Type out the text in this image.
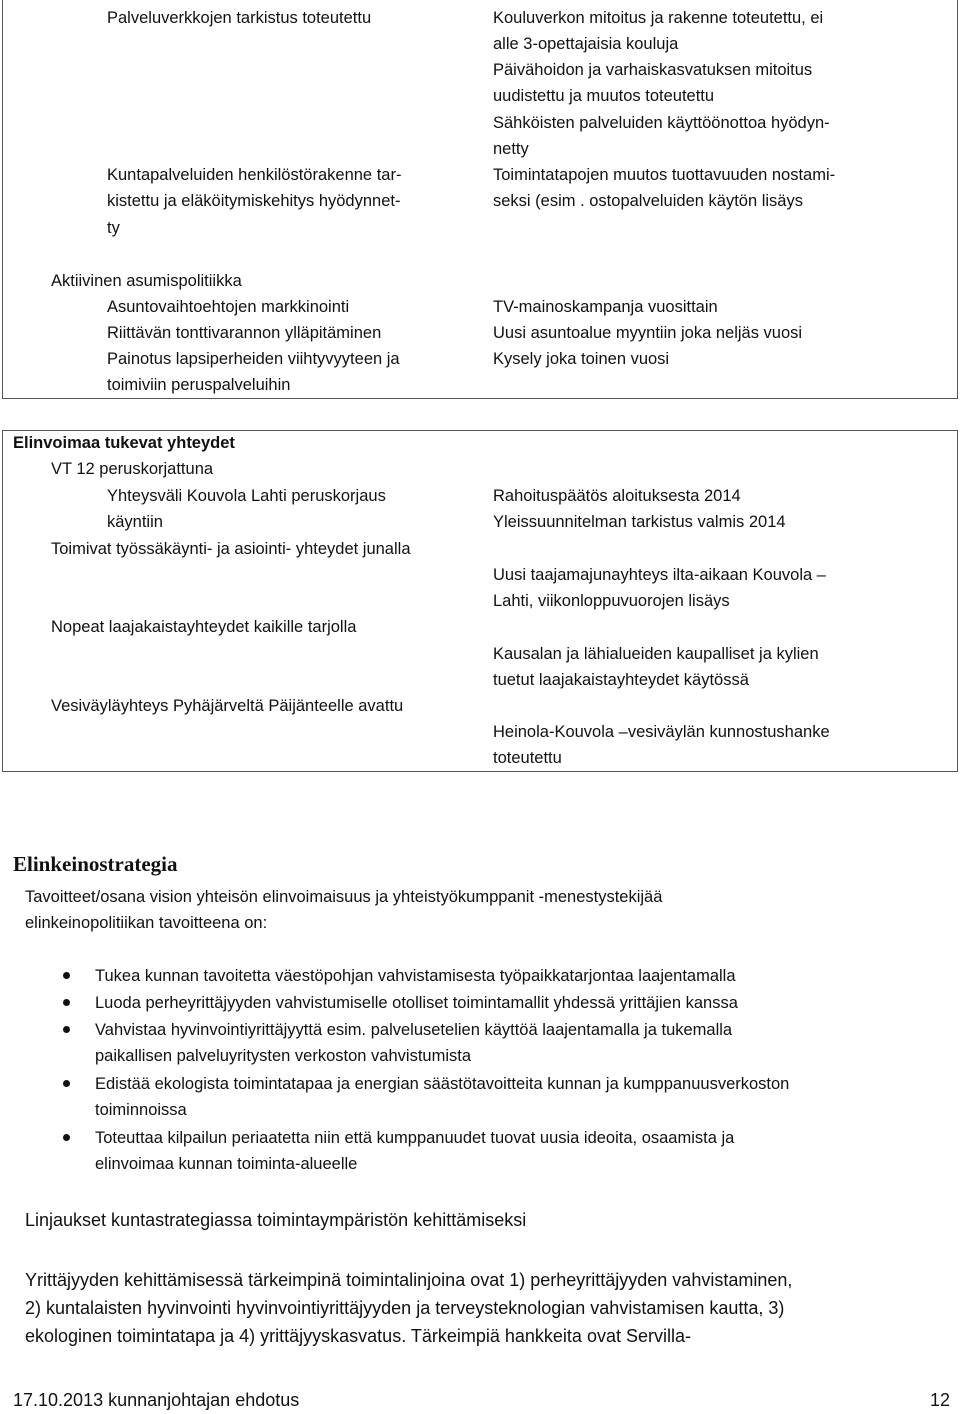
Palveluverkkojen tarkistus toteutettu
Kuntapalveluiden henkilöstörakenne tar-
kistettu ja eläköitymiskehitys hyödynnet-
ty
Kouluverkon mitoitus ja rakenne toteutettu, ei
alle 3-opettajaisia kouluja
Päivähoidon ja varhaiskasvatuksen mitoitus
uudistettu ja muutos toteutettu
Sähköisten palveluiden käyttöönottoa hyödyn-
netty
Toimintatapojen muutos tuottavuuden nostami-
seksi (esim . ostopalveluiden käytön lisäys
Aktiivinen asumispolitiikka
Asuntovaihtoehtojen markkinointi
Riittävän tonttivarannon ylläpitäminen
Painotus lapsiperheiden viihtyvyyteen ja
toimiviin peruspalveluihin
TV-mainoskampanja vuosittain
Uusi asuntoalue myyntiin joka neljäs vuosi
Kysely joka toinen vuosi
Elinvoimaa tukevat yhteydet
VT 12 peruskorjattuna
Yhteysväli Kouvola Lahti peruskorjaus
käyntiin
Rahoituspäätös aloituksesta 2014
Yleissuunnitelman tarkistus valmis 2014
Toimivat työssäkäynti- ja asiointi- yhteydet junalla
Uusi taajamajunayhteys ilta-aikaan Kouvola –
Lahti, viikonloppuvuorojen lisäys
Nopeat laajakaistayhteydet kaikille tarjolla
Kausalan ja lähialueiden kaupalliset ja kylien
tuetut laajakaistayhteydet käytössä
Vesiväyläyhteys Pyhäjärveltä Päijänteelle avattu
Heinola-Kouvola –vesiväylän kunnostushanke
toteutettu
Elinkeinostrategia
Tavoitteet/osana vision yhteisön elinvoimaisuus ja yhteistyökumppanit -menestystekijää
elinkeinopolitiikan tavoitteena on:
Tukea kunnan tavoitetta väestöpohjan vahvistamisesta työpaikkatarjontaa laajentamalla
Luoda perheyrittäjyyden vahvistumiselle otolliset toimintamallit yhdessä yrittäjien kanssa
Vahvistaa hyvinvointiyrittäjyyttä esim. palvelusetelien käyttöä laajentamalla ja tukemalla
paikallisen palveluyritysten verkoston vahvistumista
Edistää ekologista toimintatapaa ja energian säästötavoitteita kunnan ja kumppanuusverkoston
toiminnoissa
Toteuttaa kilpailun periaatetta niin että kumppanuudet tuovat uusia ideoita, osaamista ja
elinvoimaa kunnan toiminta-alueelle
Linjaukset kuntastrategiassa toimintaympäristön kehittämiseksi
Yrittäjyyden kehittämisessä tärkeimpinä toimintalinjoina ovat 1) perheyrittäjyyden vahvistaminen,
2) kuntalaisten hyvinvointi hyvinvointiyrittäjyyden ja terveysteknologian vahvistamisen kautta, 3)
ekologinen toimintatapa ja 4) yrittäjyyskasvatus. Tärkeimpiä hankkeita ovat Servilla-
17.10.2013 kunnanjohtajan ehdotus	12
